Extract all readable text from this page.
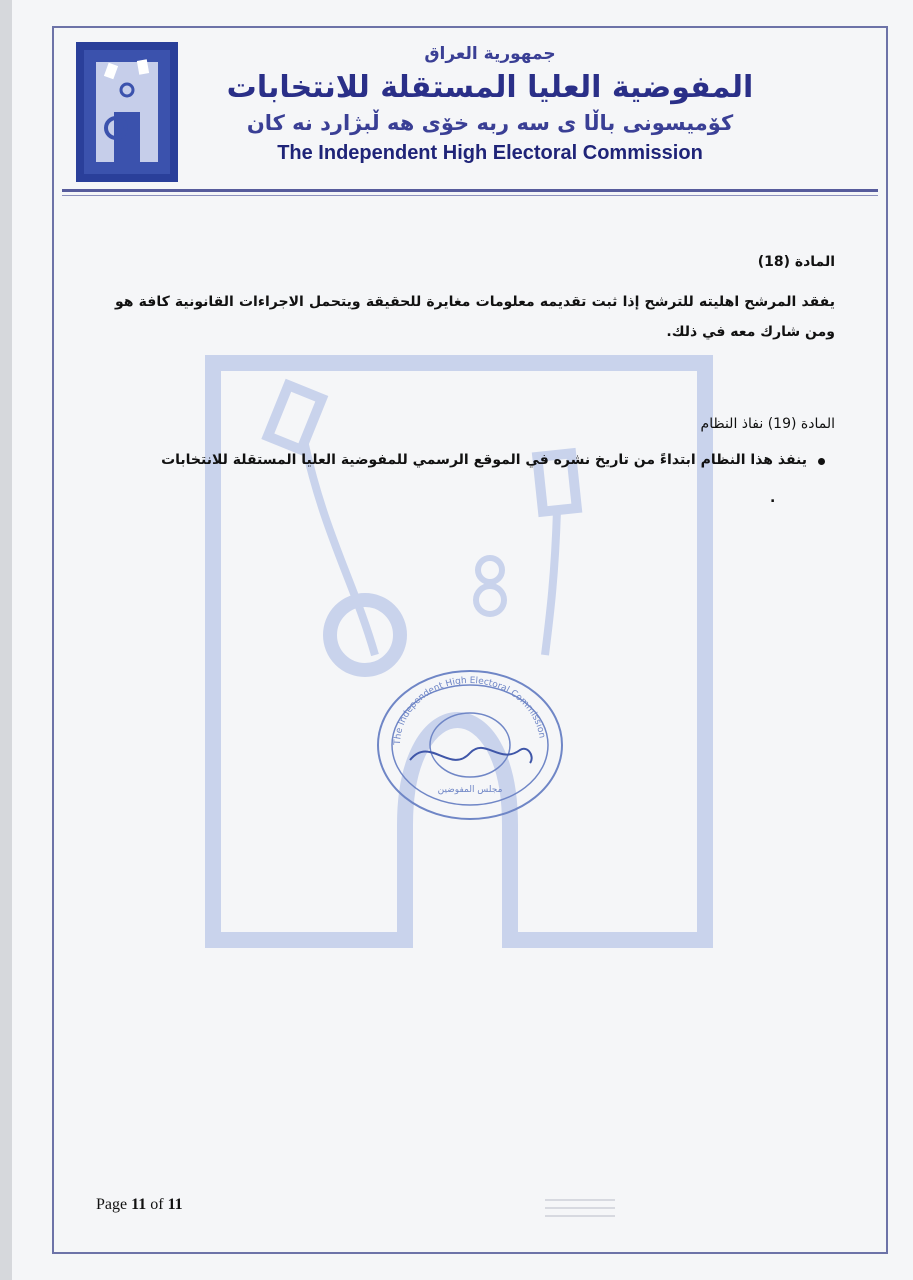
جمهورية العراق
المفوضية العليا المستقلة للانتخابات
كۆميسونى باڵا ى سه ربه خۆى هه ڵبژارد نه كان
The Independent High Electoral Commission
المادة (18)
يفقد المرشح اهليته للترشح إذا ثبت تقديمه معلومات مغايرة للحقيقة ويتحمل الاجراءات القانونية كافة هو ومن شارك معه في ذلك.
المادة (19) نفاذ النظام
ينفذ هذا النظام ابتداءً من تاريخ نشره في الموقع الرسمي للمفوضية العليا المستقلة للانتخابات
.
The Independent High Electoral Commission
مجلس المفوضين
Page 11 of 11
